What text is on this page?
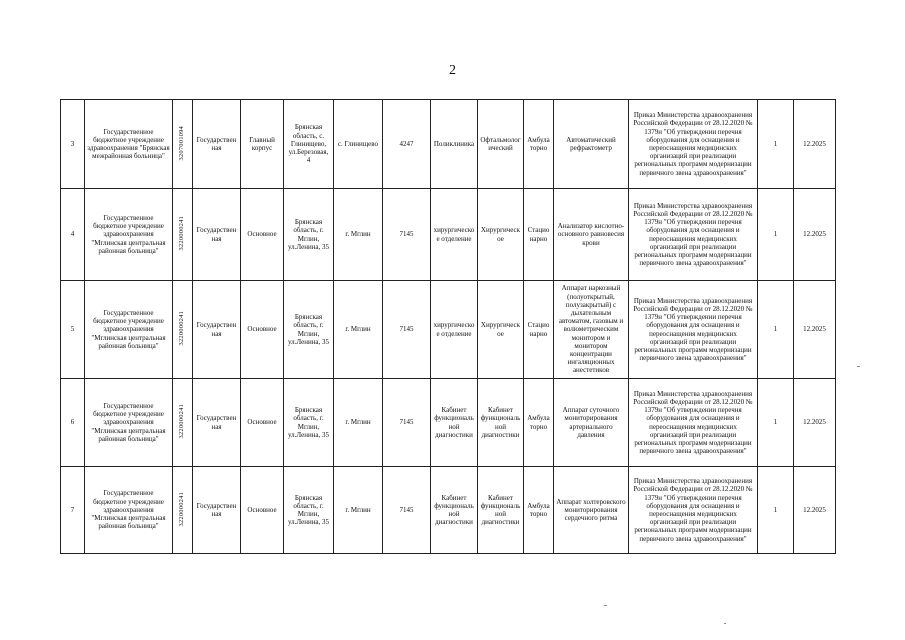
2
3	Государственное бюджетное учреждение здравоохранения "Брянская межрайонная больница"	3207001094	Государственная	Главный корпус	Брянская область, с. Глинищево, ул.Березовая, 4	с. Глинищево	4247	Поликлиника	Офтальмологический	Амбулаторно	Автоматический рефрактометр	Приказ Министерства здравоохранения Российской Федерации от 28.12.2020 № 1379н "Об утверждении перечня оборудования для оснащения и переоснащения медицинских организаций при реализации региональных программ модернизации первичного звена здравоохранения"	1	12.2025
4	Государственное бюджетное учреждение здравоохранения "Мглинская центральная районная больница"	3220000241	Государственная	Основное	Брянская область, г. Мглин, ул.Ленина, 35	г. Мглин	7145	хирургическое отделение	Хирургическое	Стационарно	Анализатор кислотно-основного равновесия крови	Приказ Министерства здравоохранения Российской Федерации от 28.12.2020 № 1379н "Об утверждении перечня оборудования для оснащения и переоснащения медицинских организаций при реализации региональных программ модернизации первичного звена здравоохранения"	1	12.2025
5	Государственное бюджетное учреждение здравоохранения "Мглинская центральная районная больница"	3220000241	Государственная	Основное	Брянская область, г. Мглин, ул.Ленина, 35	г. Мглин	7145	хирургическое отделение	Хирургическое	Стационарно	Аппарат наркозный (полуоткрытый, полузакрытый) с дыхательным автоматом, газовым и волюметрическим монитором и монитором концентрации ингаляционных анестетиков	Приказ Министерства здравоохранения Российской Федерации от 28.12.2020 № 1379н "Об утверждении перечня оборудования для оснащения и переоснащения медицинских организаций при реализации региональных программ модернизации первичного звена здравоохранения"	1	12.2025
6	Государственное бюджетное учреждение здравоохранения "Мглинская центральная районная больница"	3220000241	Государственная	Основное	Брянская область, г. Мглин, ул.Ленина, 35	г. Мглин	7145	Кабинет функциональной диагностики	Кабинет функциональной диагностики	Амбулаторно	Аппарат суточного мониторирования артериального давления	Приказ Министерства здравоохранения Российской Федерации от 28.12.2020 № 1379н "Об утверждении перечня оборудования для оснащения и переоснащения медицинских организаций при реализации региональных программ модернизации первичного звена здравоохранения"	1	12.2025
7	Государственное бюджетное учреждение здравоохранения "Мглинская центральная районная больница"	3220000241	Государственная	Основное	Брянская область, г. Мглин, ул.Ленина, 35	г. Мглин	7145	Кабинет функциональной диагностики	Кабинет функциональной диагностики	Амбулаторно	Аппарат холтеровского мониторирования сердечного ритма	Приказ Министерства здравоохранения Российской Федерации от 28.12.2020 № 1379н "Об утверждении перечня оборудования для оснащения и переоснащения медицинских организаций при реализации региональных программ модернизации первичного звена здравоохранения"	1	12.2025
